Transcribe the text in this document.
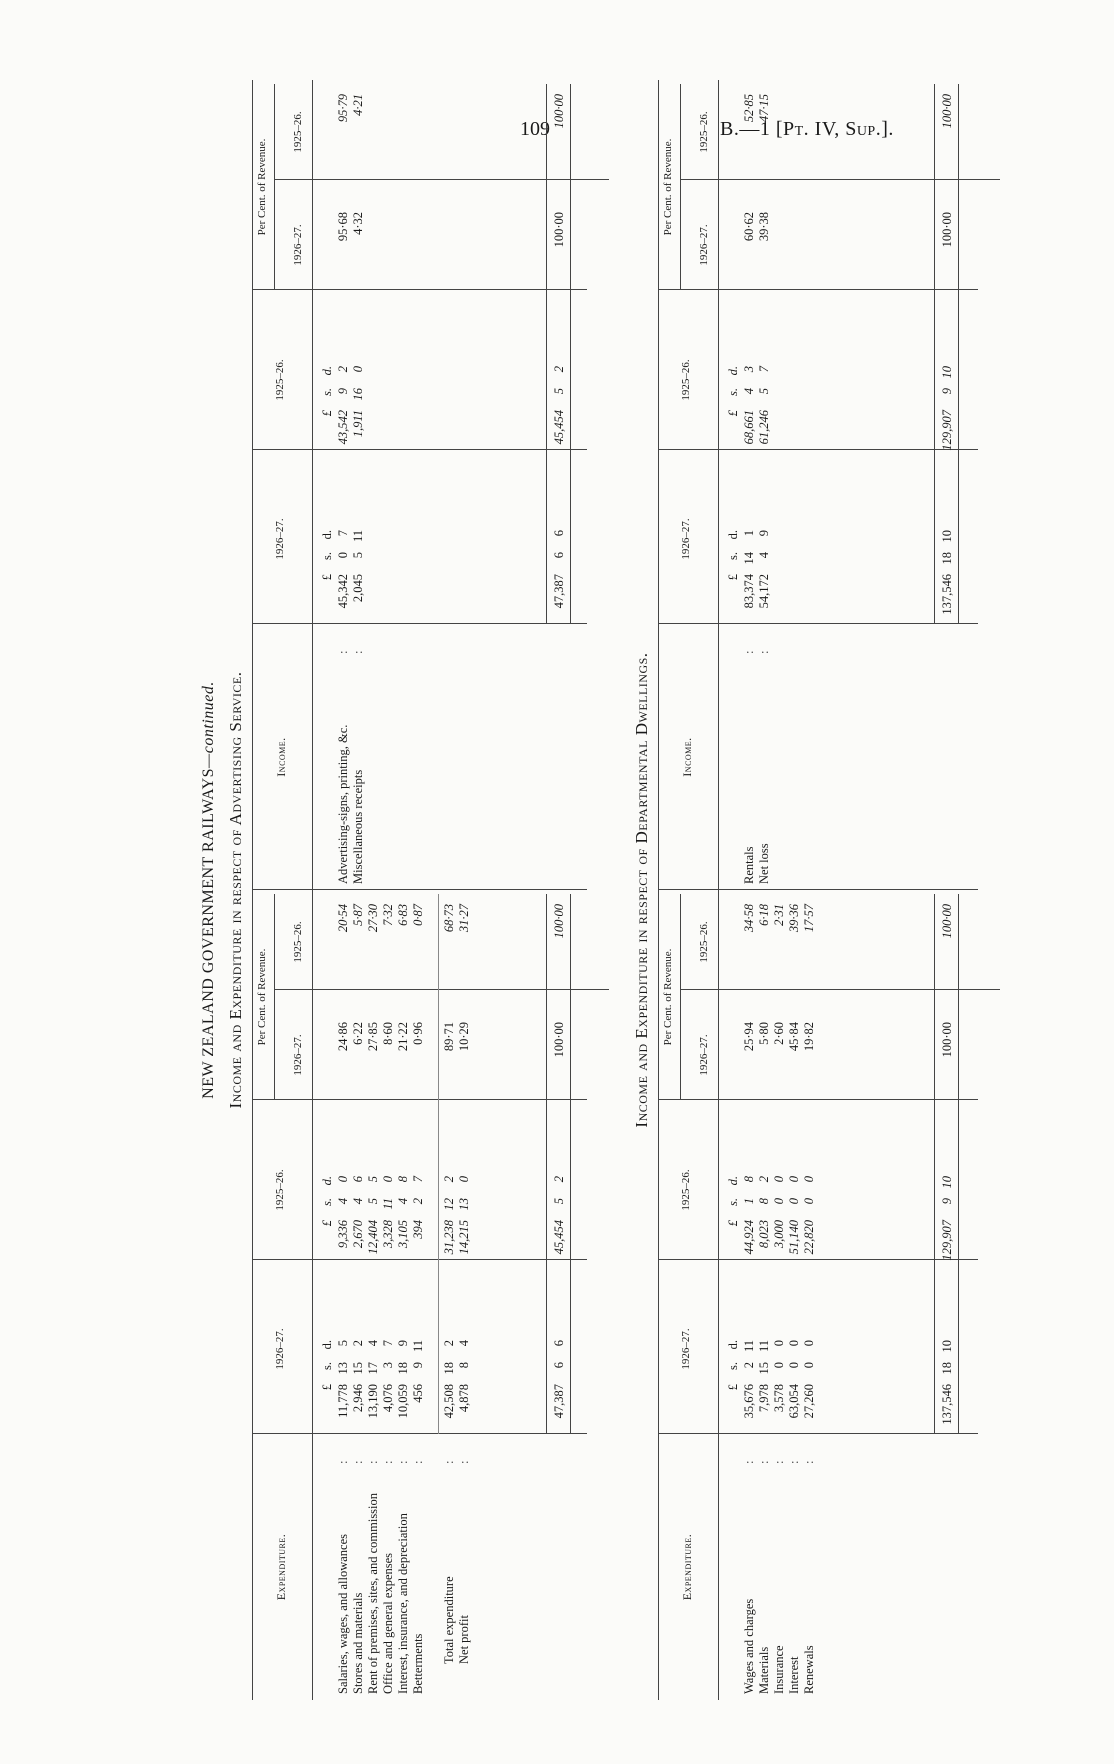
109	B.—1 [Pt. IV, Sup.].
NEW ZEALAND GOVERNMENT RAILWAYS—continued. Income and Expenditure in respect of Advertising Service.	Income and Expenditure in respect of Departmental Dwellings.
Expenditure.
1926–27.
1925–26.
Per Cent. of Revenue.
1926–27.
1925–26.
£
s.
d.
£
s.
d.
Salaries, wages, and allowances
:
11,778
13
5
9,336
4
0
24·86
20·54
Stores and materials
:
2,946
15
2
2,670
4
6
6·22
5·87
Rent of premises, sites, and commission
:
13,190
17
4
12,404
5
5
27·85
27·30
Office and general expenses
:
4,076
3
7
3,328
11
0
8·60
7·32
Interest, insurance, and depreciation
:
10,059
18
9
3,105
4
8
21·22
6·83
Betterments
:
456
9
11
394
2
7
0·96
0·87
Total expenditure
:
42,508
18
2
31,238
12
2
89·71
68·73
Net profit
:
4,878
8
4
14,215
13
0
10·29
31·27
47,387
6
6
45,454
5
2
100·00
100·00
Income.
1926–27.
1925–26.
Per Cent. of Revenue.
1926–27.
1925–26.
£
s.
d.
£
s.
d.
Advertising-signs, printing, &c.
:
45,342
0
7
43,542
9
2
95·68
95·79
Miscellaneous receipts
:
2,045
5
11
1,911
16
0
4·32
4·21
47,387
6
6
45,454
5
2
100·00
100·00
Expenditure.
1926–27.
1925–26.
Per Cent. of Revenue.
1926–27.
1925–26.
£
s.
d.
£
s.
d.
Wages and charges
:
35,676
2
11
44,924
1
8
25·94
34·58
Materials
:
7,978
15
11
8,023
8
2
5·80
6·18
Insurance
:
3,578
0
0
3,000
0
0
2·60
2·31
Interest
:
63,054
0
0
51,140
0
0
45·84
39·36
Renewals
:
27,260
0
0
22,820
0
0
19·82
17·57
137,546
18
10
129,907
9
10
100·00
100·00
Income.
1926–27.
1925–26.
Per Cent. of Revenue.
1926–27.
1925–26.
£
s.
d.
£
s.
d.
Rentals
:
83,374
14
1
68,661
4
3
60·62
52·85
Net loss
:
54,172
4
9
61,246
5
7
39·38
47·15
137,546
18
10
129,907
9
10
100·00
100·00
